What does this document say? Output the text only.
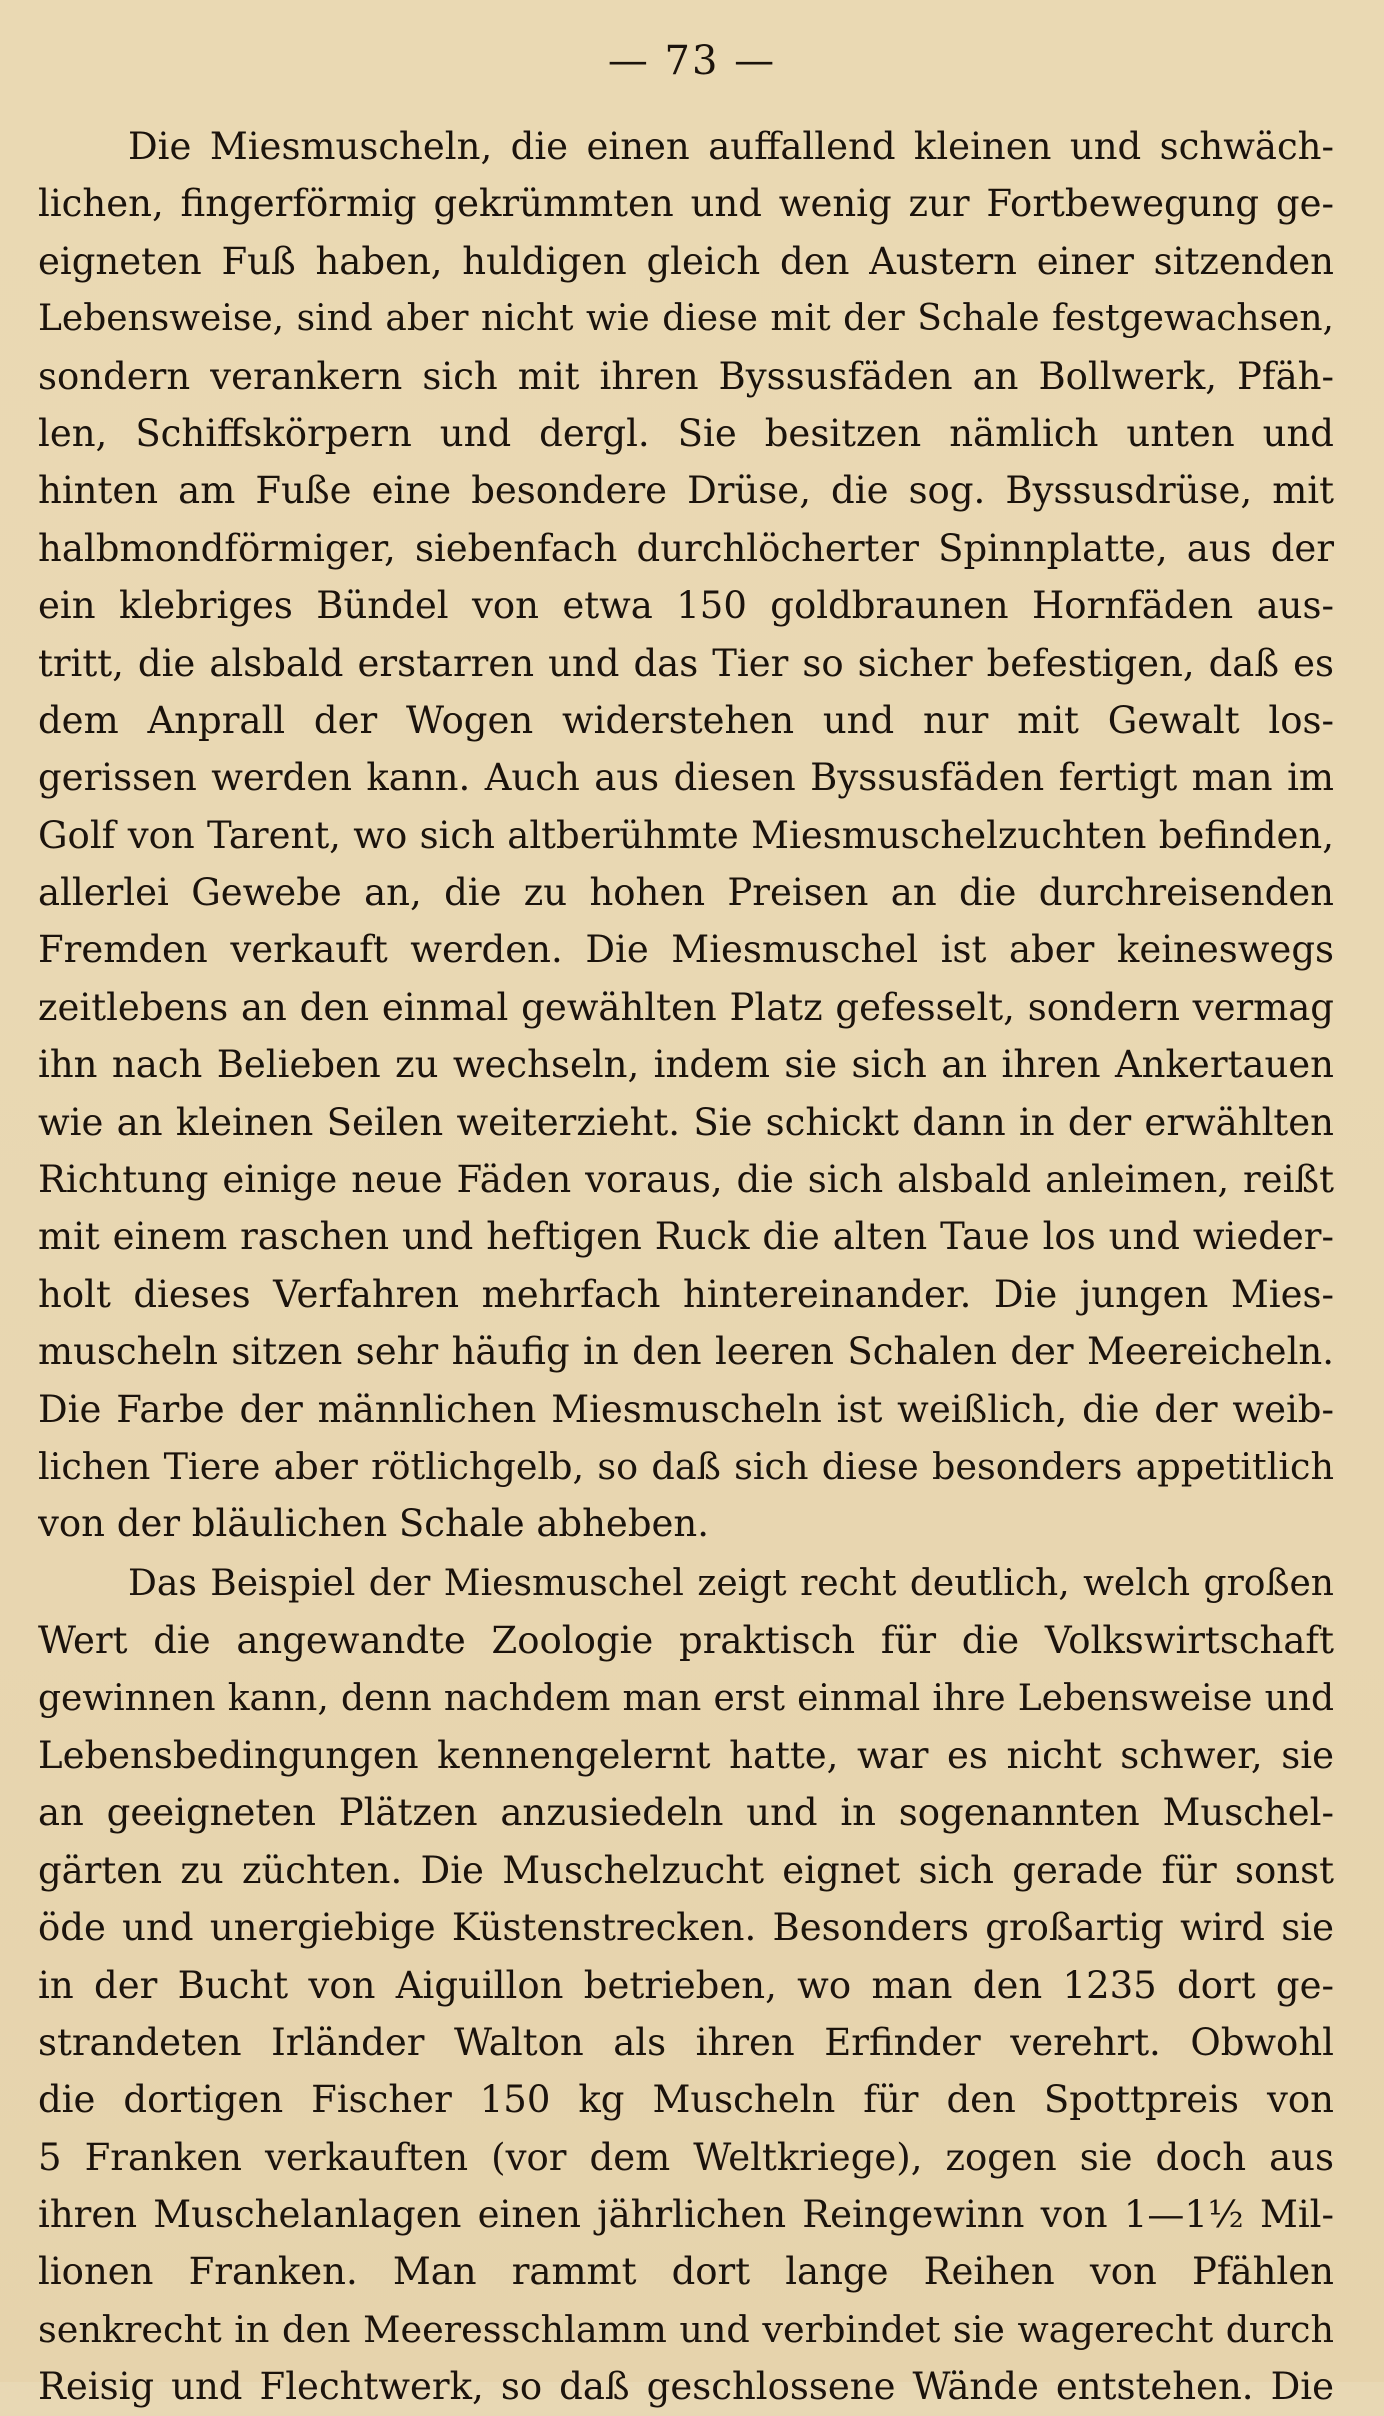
— 73 —
Die Miesmuscheln, die einen auffallend kleinen und schwäch-
lichen, fingerförmig gekrümmten und wenig zur Fortbewegung ge-
eigneten Fuß haben, huldigen gleich den Austern einer sitzenden
Lebensweise, sind aber nicht wie diese mit der Schale festgewachsen,
sondern verankern sich mit ihren Byssusfäden an Bollwerk, Pfäh-
len, Schiffskörpern und dergl. Sie besitzen nämlich unten und
hinten am Fuße eine besondere Drüse, die sog. Byssusdrüse, mit
halbmondförmiger, siebenfach durchlöcherter Spinnplatte, aus der
ein klebriges Bündel von etwa 150 goldbraunen Hornfäden aus-
tritt, die alsbald erstarren und das Tier so sicher befestigen, daß es
dem Anprall der Wogen widerstehen und nur mit Gewalt los-
gerissen werden kann. Auch aus diesen Byssusfäden fertigt man im
Golf von Tarent, wo sich altberühmte Miesmuschelzuchten befinden,
allerlei Gewebe an, die zu hohen Preisen an die durchreisenden
Fremden verkauft werden. Die Miesmuschel ist aber keineswegs
zeitlebens an den einmal gewählten Platz gefesselt, sondern vermag
ihn nach Belieben zu wechseln, indem sie sich an ihren Ankertauen
wie an kleinen Seilen weiterzieht. Sie schickt dann in der erwählten
Richtung einige neue Fäden voraus, die sich alsbald anleimen, reißt
mit einem raschen und heftigen Ruck die alten Taue los und wieder-
holt dieses Verfahren mehrfach hintereinander. Die jungen Mies-
muscheln sitzen sehr häufig in den leeren Schalen der Meereicheln.
Die Farbe der männlichen Miesmuscheln ist weißlich, die der weib-
lichen Tiere aber rötlichgelb, so daß sich diese besonders appetitlich
von der bläulichen Schale abheben.
Das Beispiel der Miesmuschel zeigt recht deutlich, welch großen
Wert die angewandte Zoologie praktisch für die Volkswirtschaft
gewinnen kann, denn nachdem man erst einmal ihre Lebensweise und
Lebensbedingungen kennengelernt hatte, war es nicht schwer, sie
an geeigneten Plätzen anzusiedeln und in sogenannten Muschel-
gärten zu züchten. Die Muschelzucht eignet sich gerade für sonst
öde und unergiebige Küstenstrecken. Besonders großartig wird sie
in der Bucht von Aiguillon betrieben, wo man den 1235 dort ge-
strandeten Irländer Walton als ihren Erfinder verehrt. Obwohl
die dortigen Fischer 150 kg Muscheln für den Spottpreis von
5 Franken verkauften (vor dem Weltkriege), zogen sie doch aus
ihren Muschelanlagen einen jährlichen Reingewinn von 1—1½ Mil-
lionen Franken. Man rammt dort lange Reihen von Pfählen
senkrecht in den Meeresschlamm und verbindet sie wagerecht durch
Reisig und Flechtwerk, so daß geschlossene Wände entstehen. Die
